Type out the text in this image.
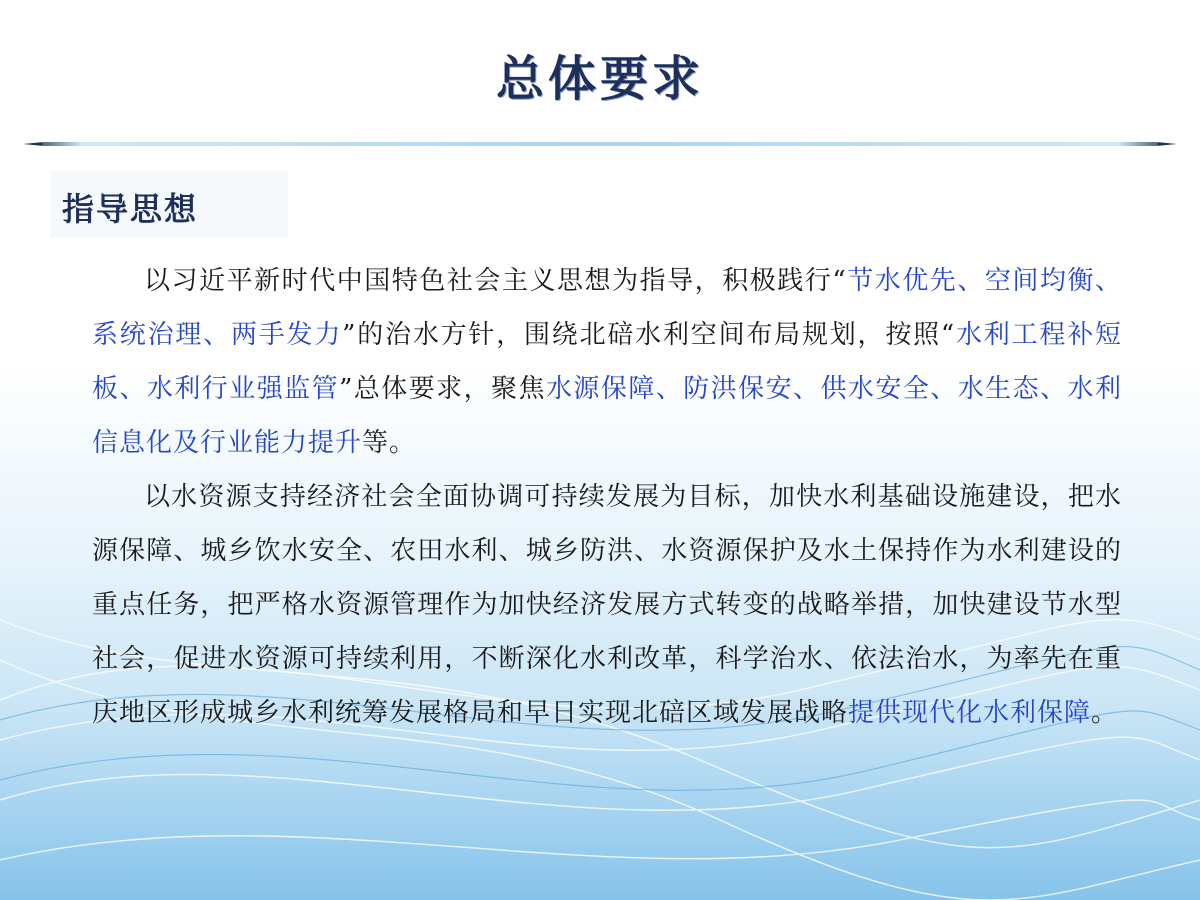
总体要求
指导思想

以习近平新时代中国特色社会主义思想为指导，积极践行“节水优先、空间均衡、系统治理、两手发力”的治水方针，围绕北碚水利空间布局规划，按照“水利工程补短板、水利行业强监管”总体要求，聚焦水源保障、防洪保安、供水安全、水生态、水利信息化及行业能力提升等。

以水资源支持经济社会全面协调可持续发展为目标，加快水利基础设施建设，把水源保障、城乡饮水安全、农田水利、城乡防洪、水资源保护及水土保持作为水利建设的重点任务，把严格水资源管理作为加快经济发展方式转变的战略举措，加快建设节水型社会，促进水资源可持续利用，不断深化水利改革，科学治水、依法治水，为率先在重庆地区形成城乡水利统筹发展格局和早日实现北碚区域发展战略提供现代化水利保障。
